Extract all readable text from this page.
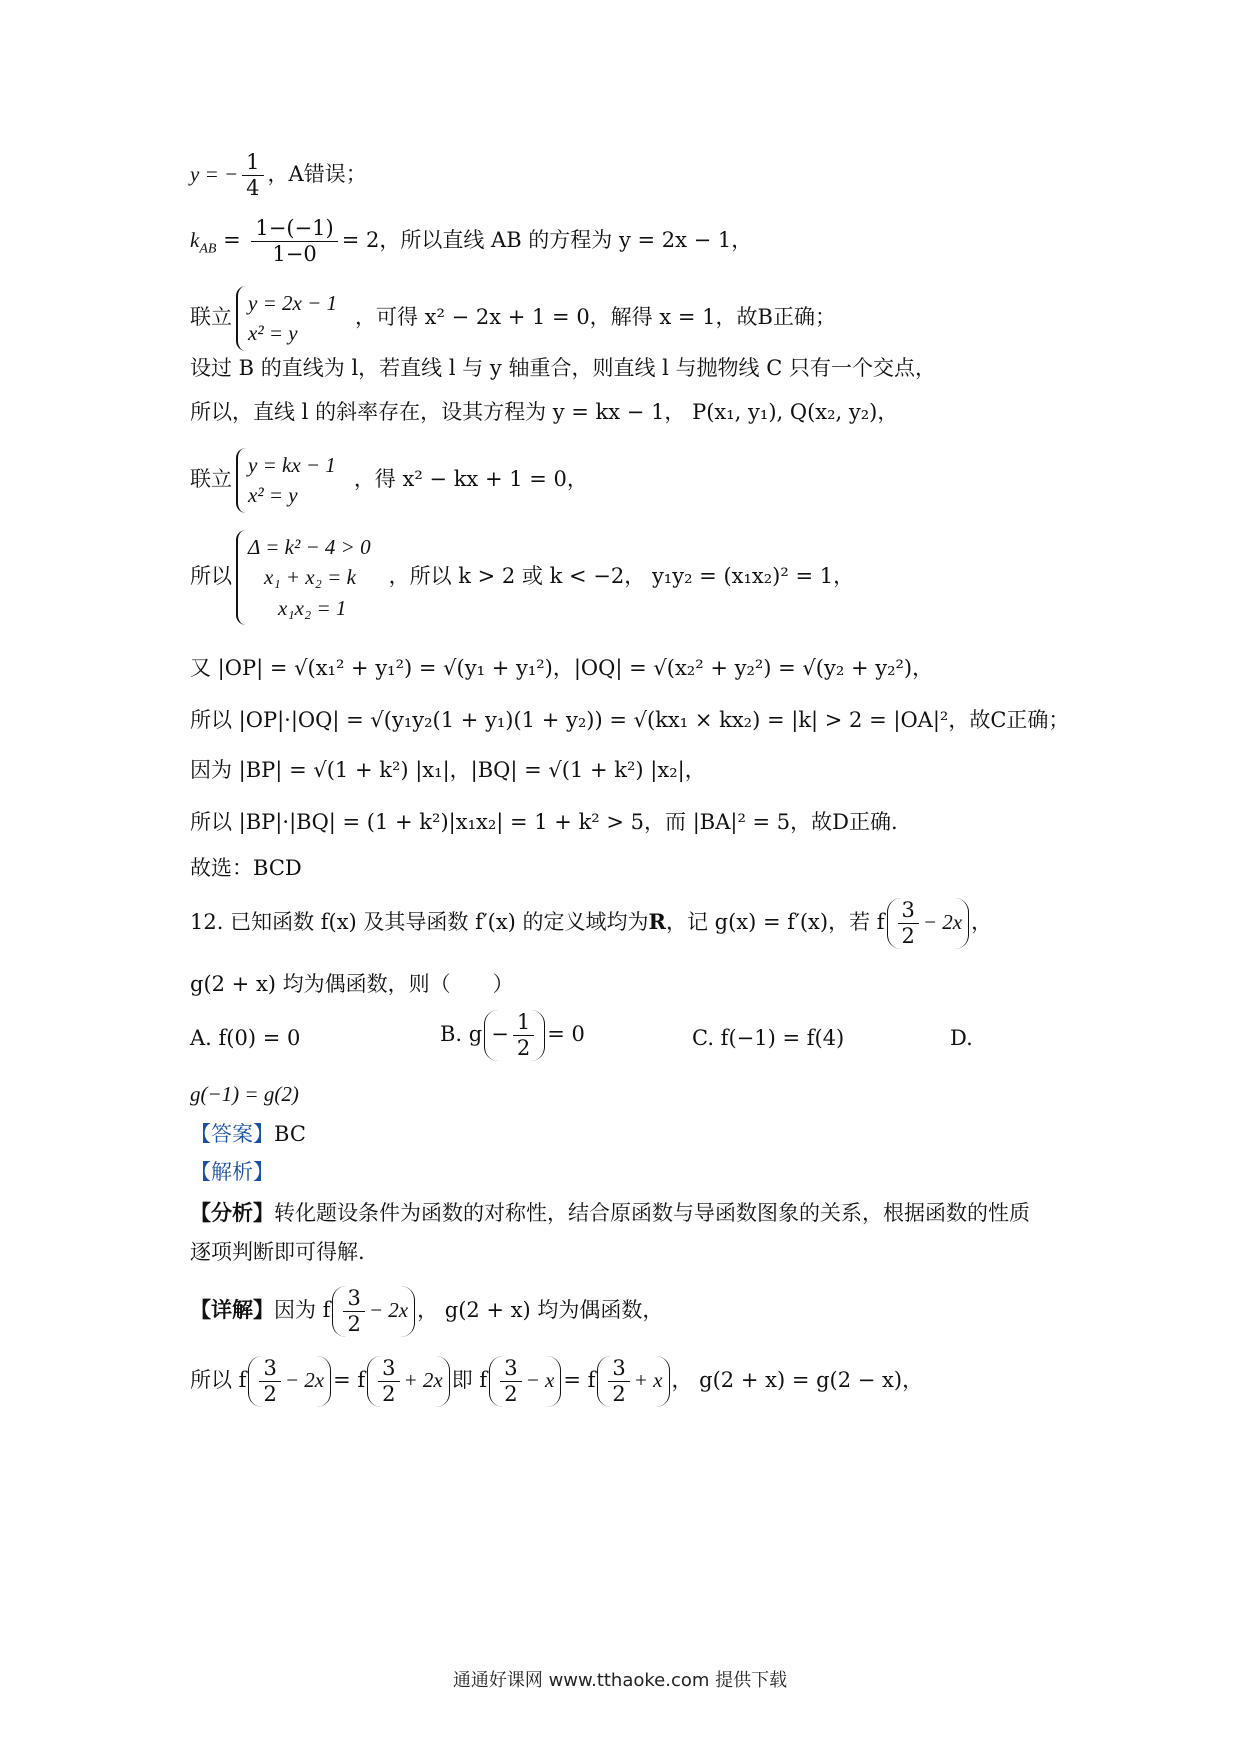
y = − $\frac{1}{4}$ ，A错误；
$k_{AB} = \frac{1-(-1)}{1-0} = 2$，所以直线 AB 的方程为 y = 2x − 1，
联立
y = 2x − 1
x² = y
，可得 x² − 2x + 1 = 0，解得 x = 1，故B正确；
设过 B 的直线为 l，若直线 l 与 y 轴重合，则直线 l 与抛物线 C 只有一个交点，
所以，直线 l 的斜率存在，设其方程为 y = kx − 1， P(x₁, y₁), Q(x₂, y₂)，
联立
y = kx − 1
x² = y
，得 x² − kx + 1 = 0，
所以
Δ = k² − 4 > 0
x₁ + x₂ = k
x₁x₂ = 1
，所以 k > 2 或 k < −2， y₁y₂ = (x₁x₂)² = 1，
又 |OP| = √(x₁² + y₁²) = √(y₁ + y₁²)，|OQ| = √(x₂² + y₂²) = √(y₂ + y₂²)，
所以 |OP|·|OQ| = √(y₁y₂(1 + y₁)(1 + y₂)) = √(kx₁ × kx₂) = |k| > 2 = |OA|²，故C正确；
因为 |BP| = √(1 + k²) |x₁|，|BQ| = √(1 + k²) |x₂|，
所以 |BP|·|BQ| = (1 + k²)|x₁x₂| = 1 + k² > 5，而 |BA|² = 5，故D正确.
故选：BCD
12. 已知函数 f(x) 及其导函数 f′(x) 的定义域均为R，记 g(x) = f′(x)，若 f $\frac{3}{2} - 2x$ ，
g(2 + x) 均为偶函数，则（　　）
A. f(0) = 0	B. $g - \frac{1}{2} = 0$	C. f(−1) = f(4)	D.
g(−1) = g(2)
【答案】BC
【解析】
【分析】转化题设条件为函数的对称性，结合原函数与导函数图象的关系，根据函数的性质
逐项判断即可得解.
【详解】因为 f $\frac{3}{2} - 2x$ ， g(2 + x) 均为偶函数，
所以 f $\frac{3}{2} - 2x = f \frac{3}{2} + 2x$ 即 f $\frac{3}{2} - x = f \frac{3}{2} + x$ ， g(2 + x) = g(2 − x)，
通通好课网 www.tthaoke.com 提供下载
